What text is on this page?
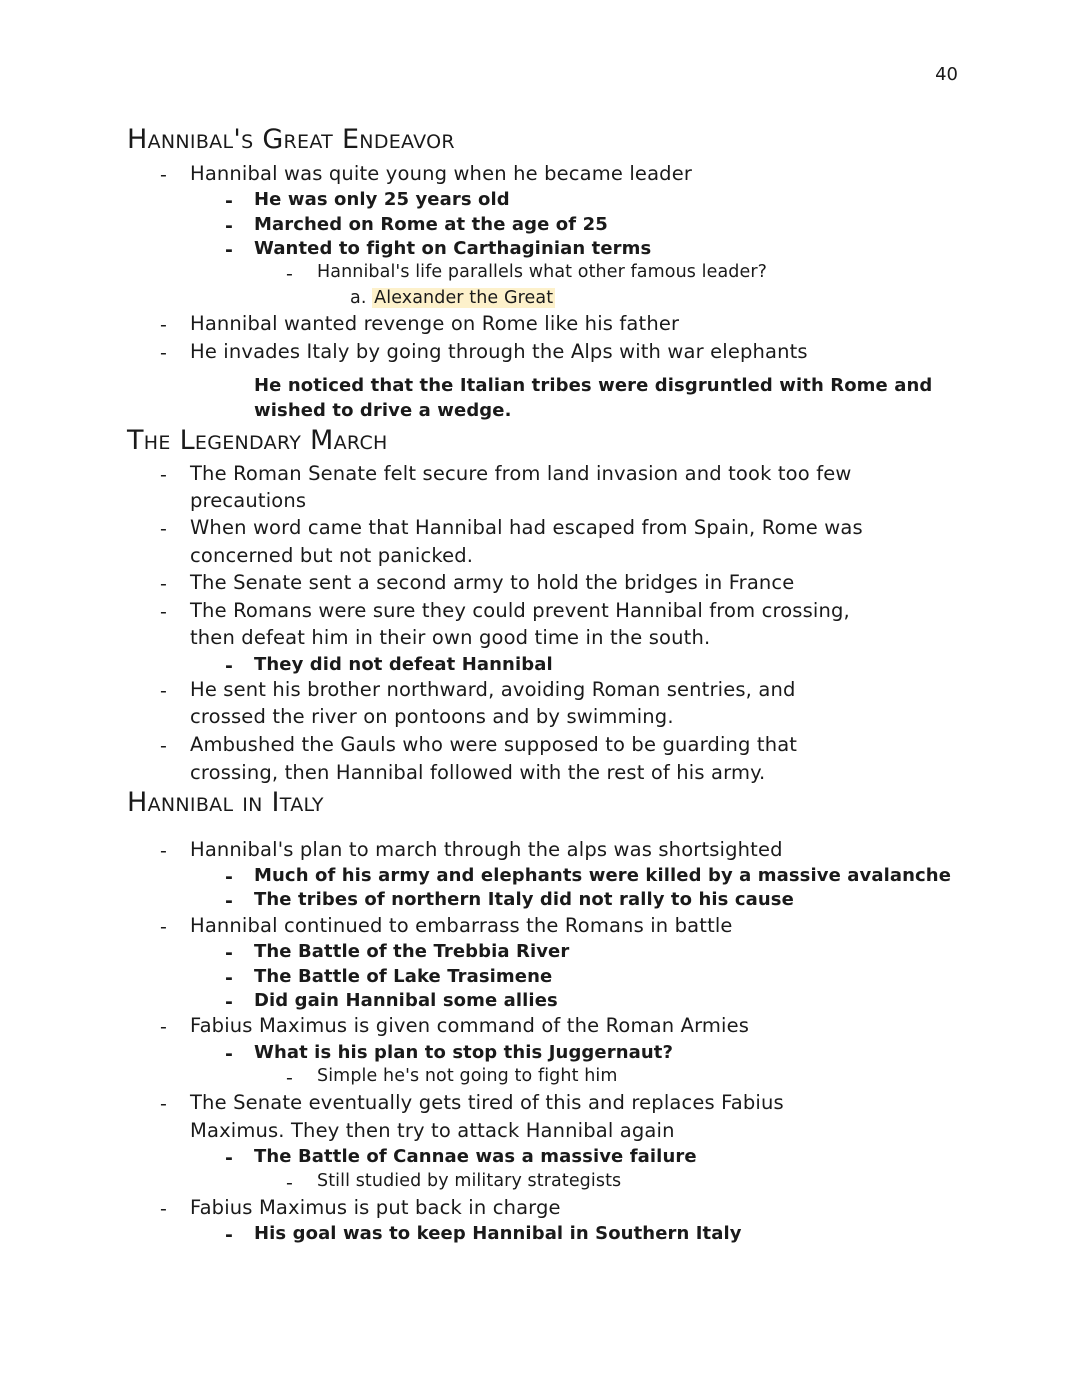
40
Hannibal's Great Endeavor
- Hannibal was quite young when he became leader
- He was only 25 years old
- Marched on Rome at the age of 25
- Wanted to fight on Carthaginian terms
- Hannibal's life parallels what other famous leader?
a. Alexander the Great
- Hannibal wanted revenge on Rome like his father
- He invades Italy by going through the Alps with war elephants
He noticed that the Italian tribes were disgruntled with Rome and
wished to drive a wedge.
The Legendary March
- The Roman Senate felt secure from land invasion and took too few
precautions
- When word came that Hannibal had escaped from Spain, Rome was
concerned but not panicked.
- The Senate sent a second army to hold the bridges in France
- The Romans were sure they could prevent Hannibal from crossing,
then defeat him in their own good time in the south.
- They did not defeat Hannibal
- He sent his brother northward, avoiding Roman sentries, and
crossed the river on pontoons and by swimming.
- Ambushed the Gauls who were supposed to be guarding that
crossing, then Hannibal followed with the rest of his army.
Hannibal in Italy
- Hannibal's plan to march through the alps was shortsighted
- Much of his army and elephants were killed by a massive avalanche
- The tribes of northern Italy did not rally to his cause
- Hannibal continued to embarrass the Romans in battle
- The Battle of the Trebbia River
- The Battle of Lake Trasimene
- Did gain Hannibal some allies
- Fabius Maximus is given command of the Roman Armies
- What is his plan to stop this Juggernaut?
- Simple he's not going to fight him
- The Senate eventually gets tired of this and replaces Fabius
Maximus. They then try to attack Hannibal again
- The Battle of Cannae was a massive failure
- Still studied by military strategists
- Fabius Maximus is put back in charge
- His goal was to keep Hannibal in Southern Italy
